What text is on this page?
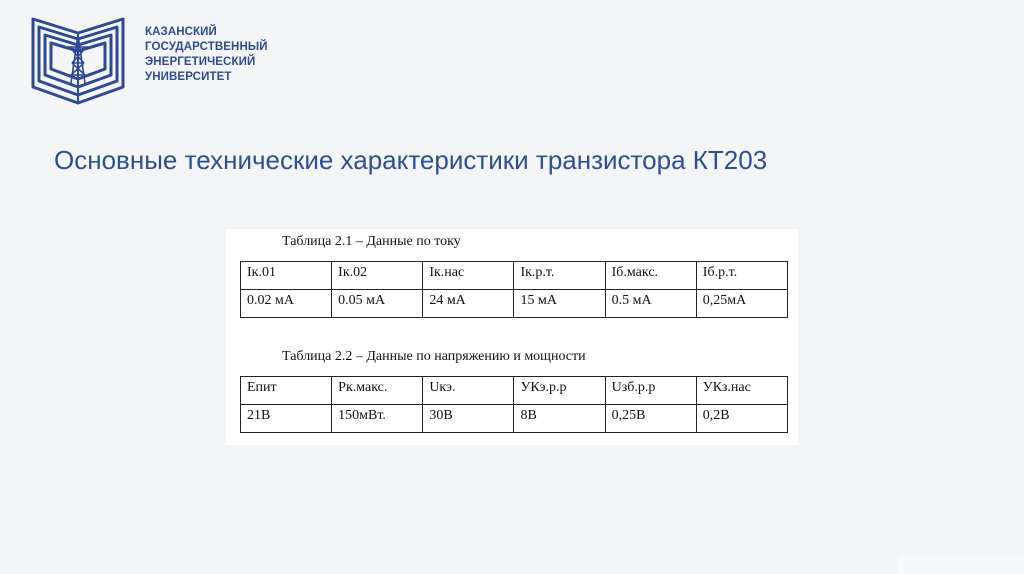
КАЗАНСКИЙ
ГОСУДАРСТВЕННЫЙ
ЭНЕРГЕТИЧЕСКИЙ
УНИВЕРСИТЕТ
Основные технические характеристики транзистора КТ203
Таблица 2.1 – Данные по току
Iк.01	Iк.02	Iк.нас	Iк.р.т.	Iб.макс.	Iб.р.т.
0.02 мА	0.05 мА	24 мА	15 мА	0.5 мА	0,25мА
Таблица 2.2 – Данные по напряжению и мощности
Епит	Рк.макс.	Uкэ.	УКэ.р.р	Uзб.р.р	УКз.нас
21В	150мВт.	30В	8В	0,25В	0,2В
